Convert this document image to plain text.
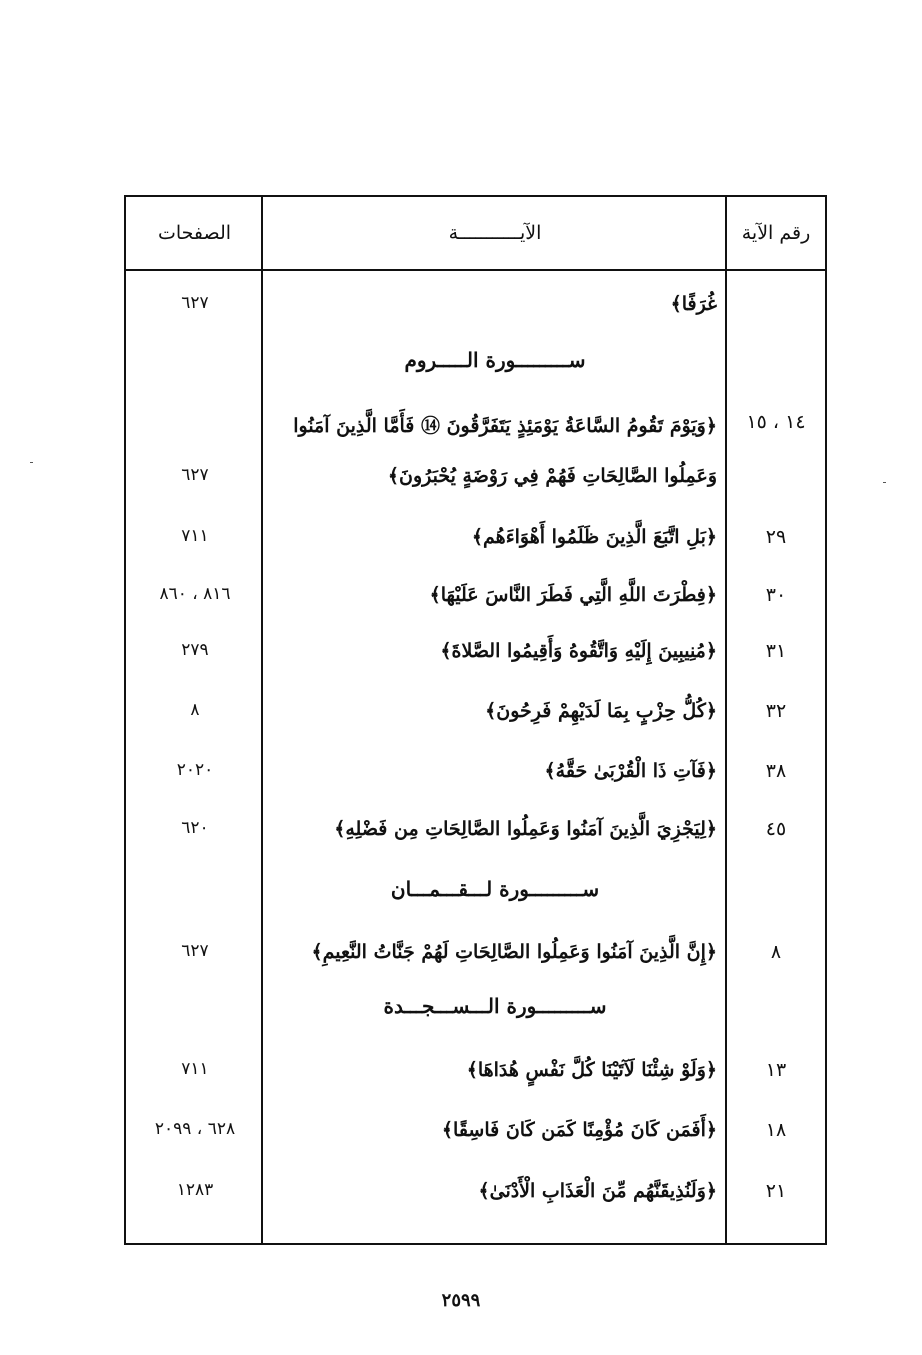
رقم الآية
الآيـــــــــــة
الصفحات
غُرَفًا﴾
٦٢٧
ســـــــــورة الـــــروم
١٤ ، ١٥
﴿وَيَوْمَ تَقُومُ السَّاعَةُ يَوْمَئِذٍ يَتَفَرَّقُونَ ⑭ فَأَمَّا الَّذِينَ آمَنُوا
وَعَمِلُوا الصَّالِحَاتِ فَهُمْ فِي رَوْضَةٍ يُحْبَرُونَ﴾
٦٢٧
٢٩
﴿بَلِ اتَّبَعَ الَّذِينَ ظَلَمُوا أَهْوَاءَهُم﴾
٧١١
٣٠
﴿فِطْرَتَ اللَّهِ الَّتِي فَطَرَ النَّاسَ عَلَيْهَا﴾
٨١٦ ، ٨٦٠
٣١
﴿مُنِيبِينَ إِلَيْهِ وَاتَّقُوهُ وَأَقِيمُوا الصَّلاةَ﴾
٢٧٩
٣٢
﴿كُلُّ حِزْبٍ بِمَا لَدَيْهِمْ فَرِحُونَ﴾
٨
٣٨
﴿فَآتِ ذَا الْقُرْبَىٰ حَقَّهُ﴾
٢٠٢٠
٤٥
﴿لِيَجْزِيَ الَّذِينَ آمَنُوا وَعَمِلُوا الصَّالِحَاتِ مِن فَضْلِهِ﴾
٦٢٠
ســـــــــورة لـــقـــمـــان
٨
﴿إِنَّ الَّذِينَ آمَنُوا وَعَمِلُوا الصَّالِحَاتِ لَهُمْ جَنَّاتُ النَّعِيمِ﴾
٦٢٧
ســـــــــورة الـــســـجـــدة
١٣
﴿وَلَوْ شِئْنَا لَآتَيْنَا كُلَّ نَفْسٍ هُدَاهَا﴾
٧١١
١٨
﴿أَفَمَن كَانَ مُؤْمِنًا كَمَن كَانَ فَاسِقًا﴾
٦٢٨ ، ٢٠٩٩
٢١
﴿وَلَنُذِيقَنَّهُم مِّنَ الْعَذَابِ الْأَدْنَىٰ﴾
١٢٨٣
٢٥٩٩
